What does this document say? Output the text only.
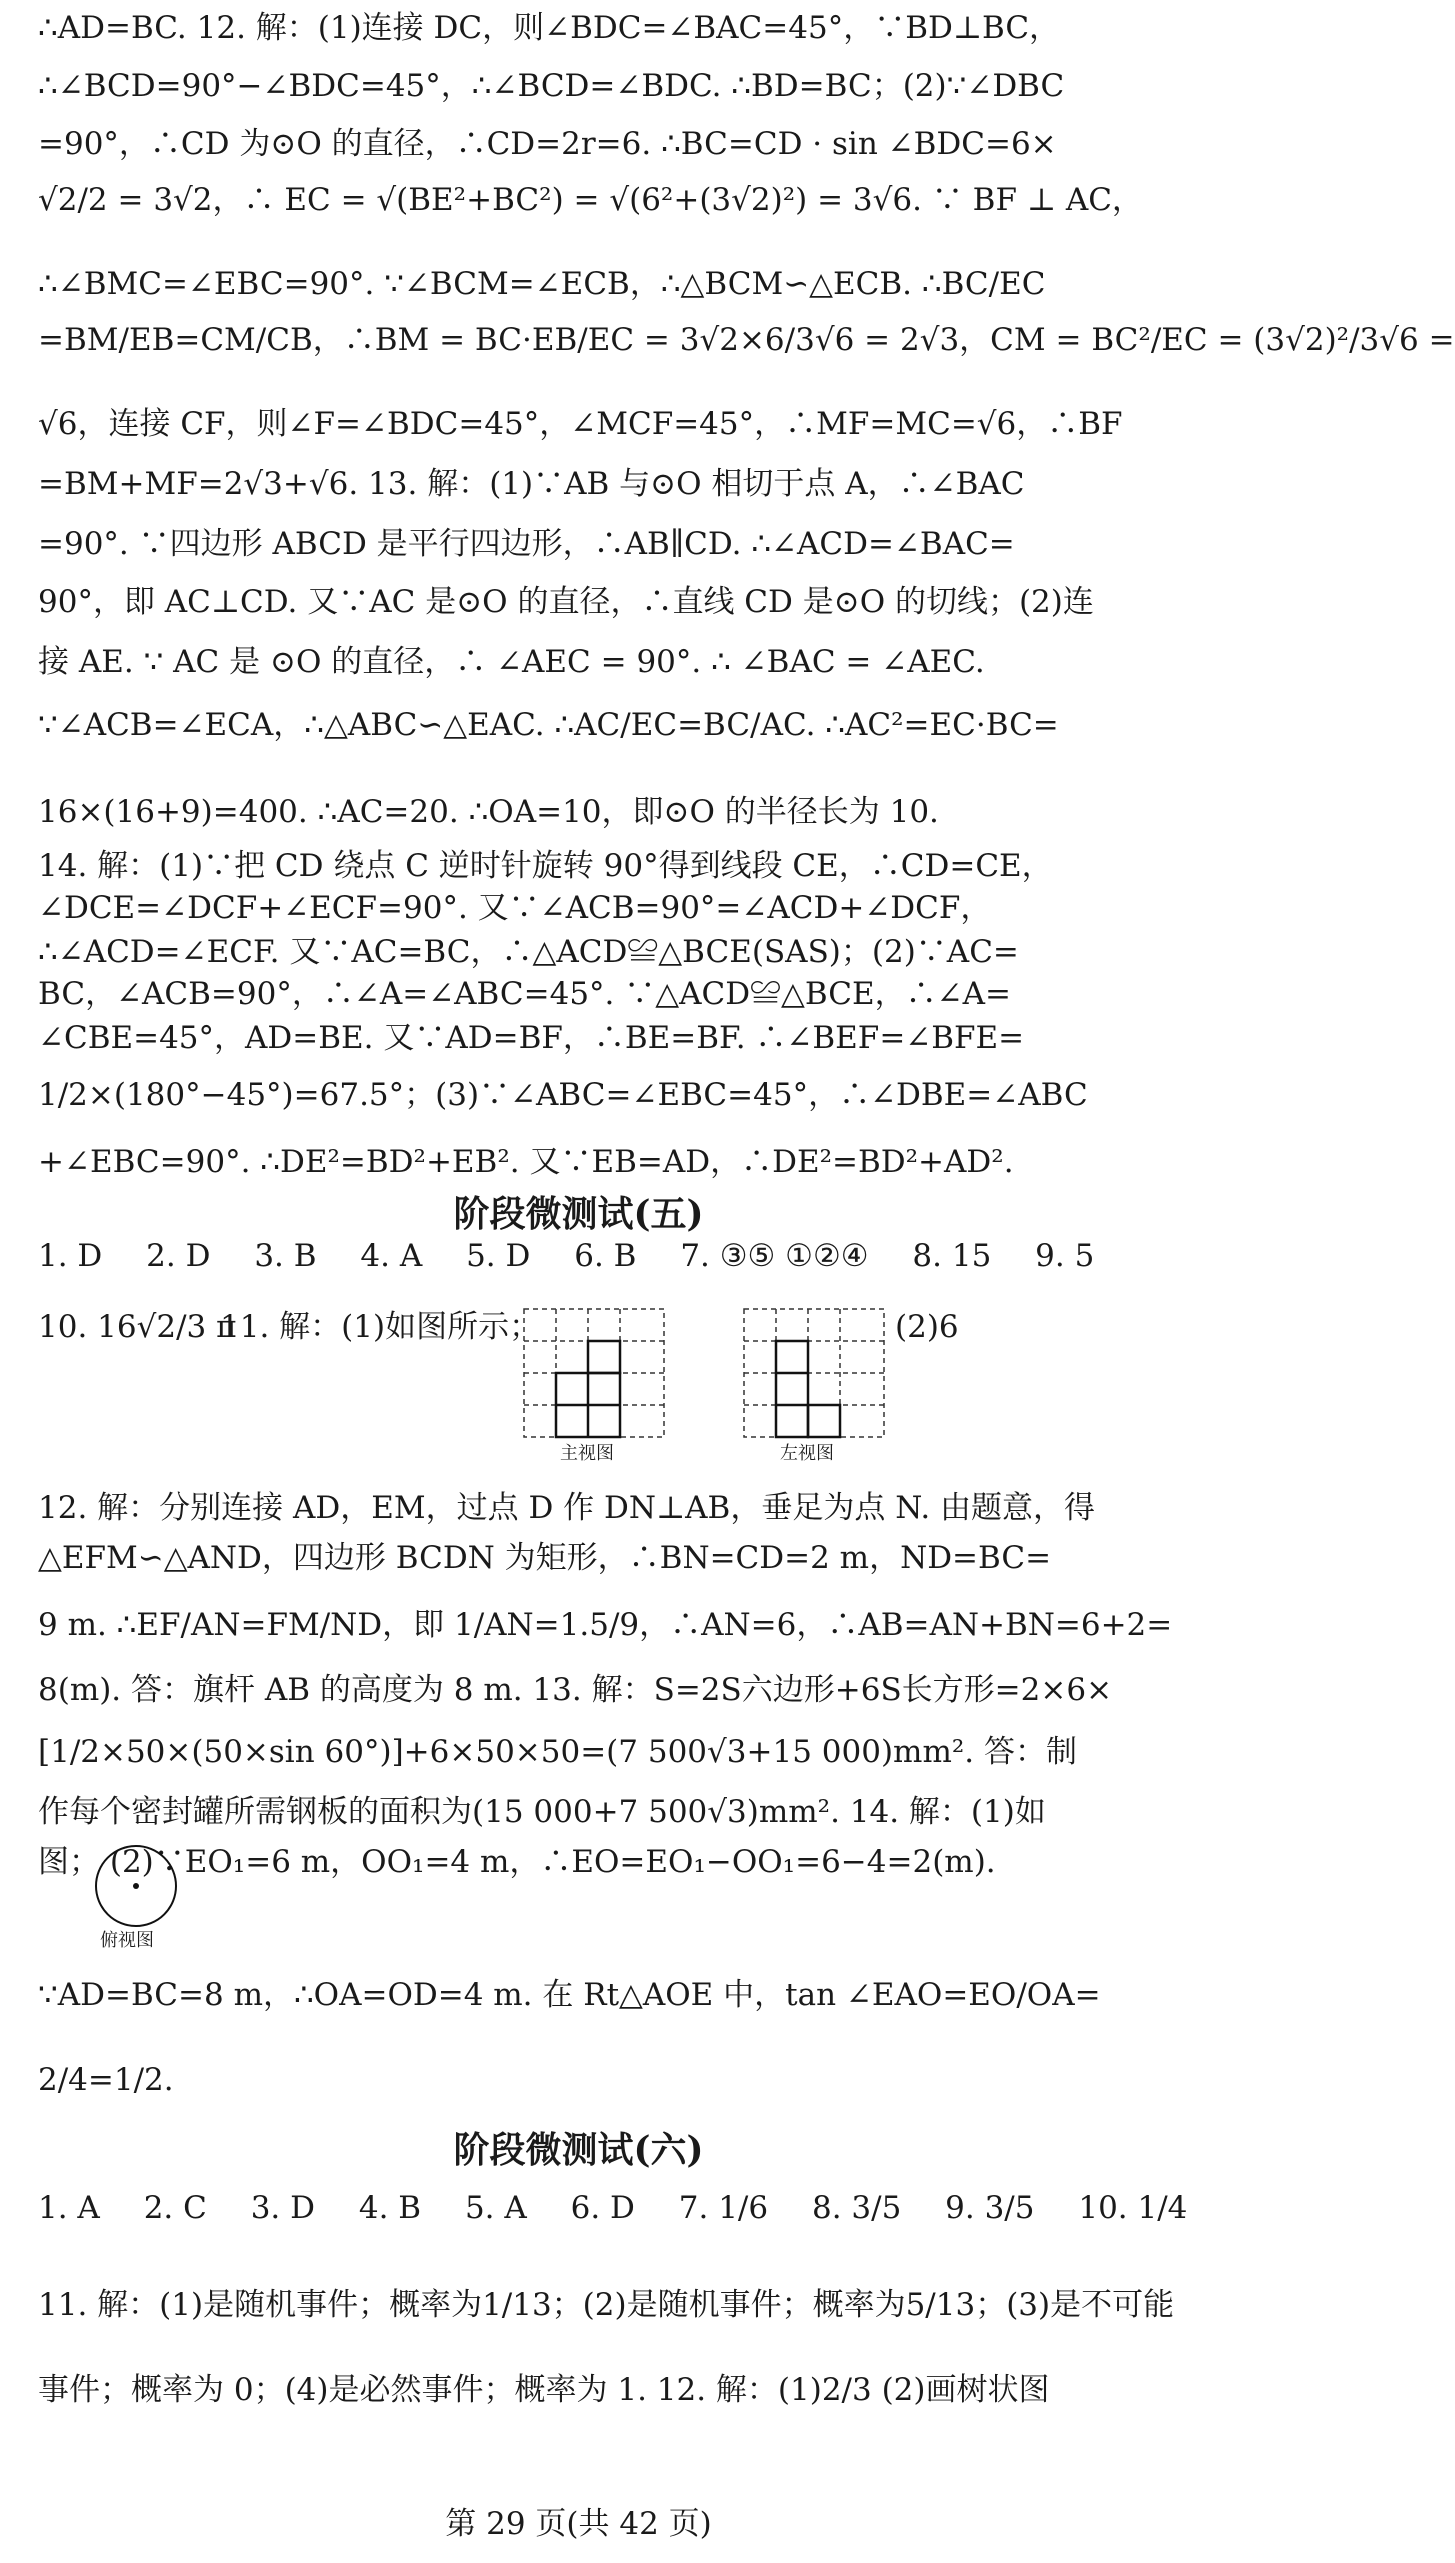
∴AD=BC. 12. 解：(1)连接 DC，则∠BDC=∠BAC=45°，∵BD⊥BC，
∴∠BCD=90°−∠BDC=45°，∴∠BCD=∠BDC. ∴BD=BC；(2)∵∠DBC
=90°，∴CD 为⊙O 的直径，∴CD=2r=6. ∴BC=CD · sin ∠BDC=6×
√2/2 = 3√2，∴ EC = √(BE²+BC²) = √(6²+(3√2)²) = 3√6. ∵ BF ⊥ AC，
∴∠BMC=∠EBC=90°. ∵∠BCM=∠ECB，∴△BCM∽△ECB. ∴BC/EC
=BM/EB=CM/CB，∴BM = BC·EB/EC = 3√2×6/3√6 = 2√3，CM = BC²/EC = (3√2)²/3√6 =
√6，连接 CF，则∠F=∠BDC=45°，∠MCF=45°，∴MF=MC=√6，∴BF
=BM+MF=2√3+√6. 13. 解：(1)∵AB 与⊙O 相切于点 A，∴∠BAC
=90°. ∵四边形 ABCD 是平行四边形，∴AB∥CD. ∴∠ACD=∠BAC=
90°，即 AC⊥CD. 又∵AC 是⊙O 的直径，∴直线 CD 是⊙O 的切线；(2)连
接 AE. ∵ AC 是 ⊙O 的直径，∴ ∠AEC = 90°. ∴ ∠BAC = ∠AEC.
∵∠ACB=∠ECA，∴△ABC∽△EAC. ∴AC/EC=BC/AC. ∴AC²=EC·BC=
16×(16+9)=400. ∴AC=20. ∴OA=10，即⊙O 的半径长为 10.
14. 解：(1)∵把 CD 绕点 C 逆时针旋转 90°得到线段 CE，∴CD=CE，
∠DCE=∠DCF+∠ECF=90°. 又∵∠ACB=90°=∠ACD+∠DCF，
∴∠ACD=∠ECF. 又∵AC=BC，∴△ACD≌△BCE(SAS)；(2)∵AC=
BC，∠ACB=90°，∴∠A=∠ABC=45°. ∵△ACD≌△BCE，∴∠A=
∠CBE=45°，AD=BE. 又∵AD=BF，∴BE=BF. ∴∠BEF=∠BFE=
1/2×(180°−45°)=67.5°；(3)∵∠ABC=∠EBC=45°，∴∠DBE=∠ABC
+∠EBC=90°. ∴DE²=BD²+EB². 又∵EB=AD，∴DE²=BD²+AD².
阶段微测试(五)
1. D 2. D 3. B 4. A 5. D 6. B 7. ③⑤ ①②④ 8. 15 9. 5
10. 16√2/3 π
11. 解：(1)如图所示；
主视图	左视图
(2)6
12. 解：分别连接 AD，EM，过点 D 作 DN⊥AB，垂足为点 N. 由题意，得
△EFM∽△AND，四边形 BCDN 为矩形，∴BN=CD=2 m，ND=BC=
9 m. ∴EF/AN=FM/ND，即 1/AN=1.5/9，∴AN=6，∴AB=AN+BN=6+2=
8(m). 答：旗杆 AB 的高度为 8 m. 13. 解：S=2S六边形+6S长方形=2×6×
[1/2×50×(50×sin 60°)]+6×50×50=(7 500√3+15 000)mm². 答：制
作每个密封罐所需钢板的面积为(15 000+7 500√3)mm². 14. 解：(1)如
图； (2)∵EO₁=6 m，OO₁=4 m，∴EO=EO₁−OO₁=6−4=2(m).
俯视图
∵AD=BC=8 m，∴OA=OD=4 m. 在 Rt△AOE 中，tan ∠EAO=EO/OA=
2/4=1/2.
阶段微测试(六)
1. A 2. C 3. D 4. B 5. A 6. D 7. 1/6 8. 3/5 9. 3/5 10. 1/4
11. 解：(1)是随机事件；概率为1/13；(2)是随机事件；概率为5/13；(3)是不可能
事件；概率为 0；(4)是必然事件；概率为 1. 12. 解：(1)2/3 (2)画树状图
第 29 页(共 42 页)
